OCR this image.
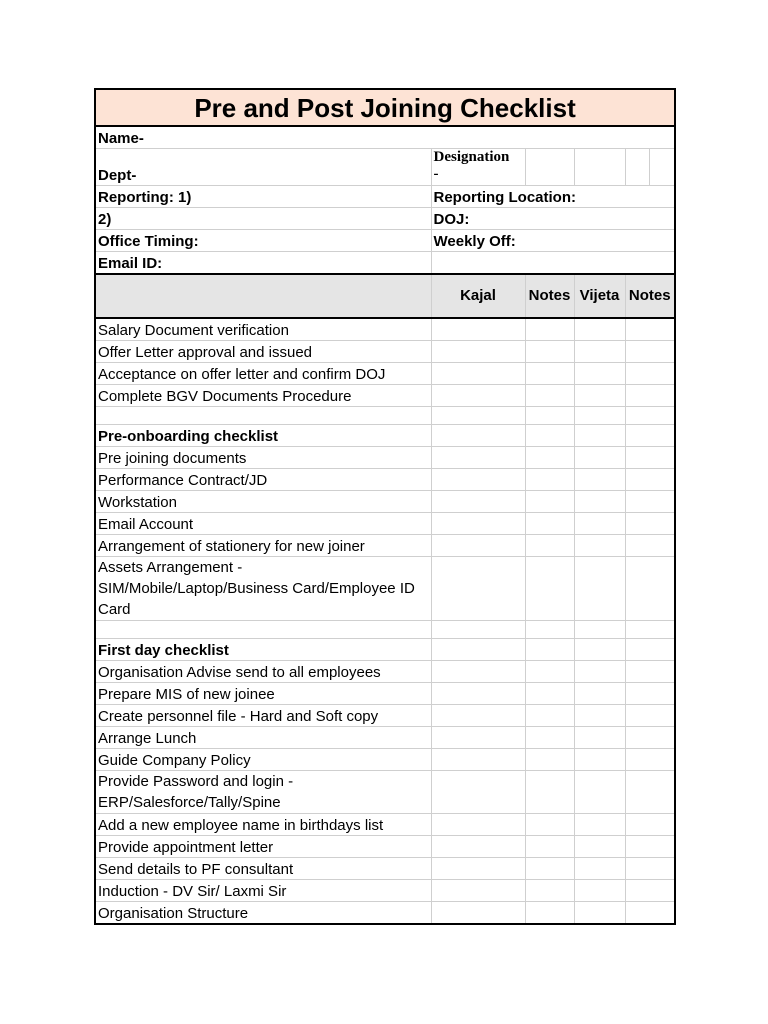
Pre and Post Joining Checklist					
Name-					
Dept-	Designation
-				
Reporting: 1)	Reporting Location:				
2)	DOJ:				
Office Timing:	Weekly Off:				
Email ID:					
	Kajal	Notes	Vijeta	Notes	
Salary Document verification					
Offer Letter approval and issued					
Acceptance on offer letter and confirm DOJ					
Complete BGV Documents Procedure					

Pre-onboarding checklist					
Pre joining documents					
Performance Contract/JD					
Workstation					
Email Account					
Arrangement of stationery for new joiner					
Assets Arrangement - SIM/Mobile/Laptop/Business Card/Employee ID Card					

First day checklist					
Organisation Advise send to all employees					
Prepare MIS of new joinee					
Create personnel file - Hard and Soft copy					
Arrange Lunch					
Guide Company Policy					
Provide Password and login - ERP/Salesforce/Tally/Spine					
Add a new employee name in birthdays list					
Provide appointment letter					
Send details to PF consultant					
Induction - DV Sir/ Laxmi Sir					
Organisation Structure					
